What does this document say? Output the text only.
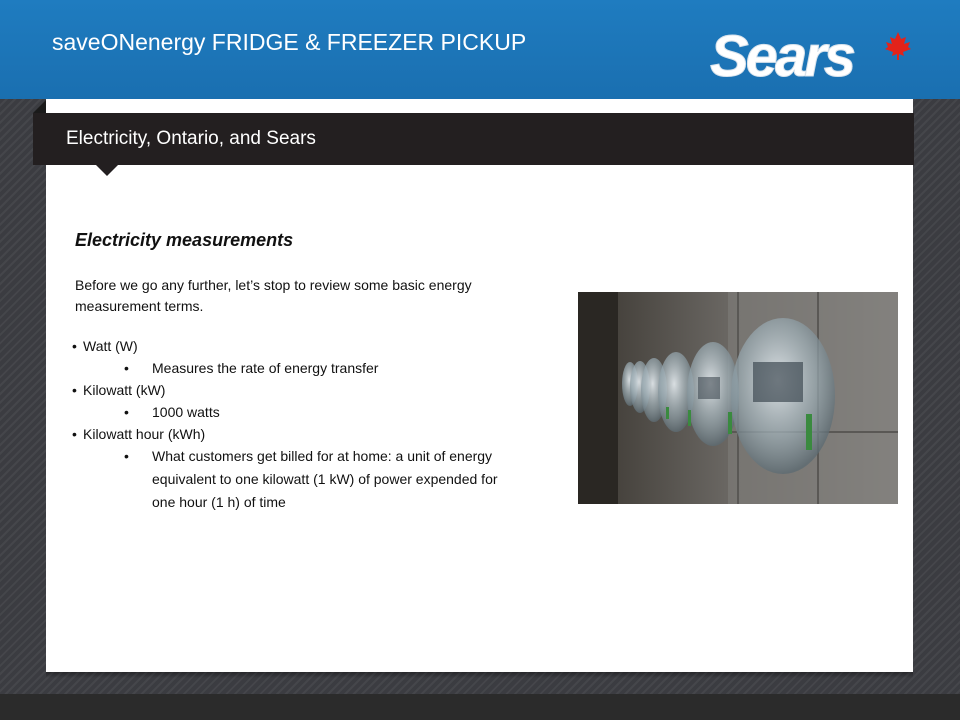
saveONenergy FRIDGE & FREEZER PICKUP	Sears
Electricity, Ontario, and Sears
Electricity measurements
Before we go any further, let’s stop to review some basic energy measurement terms.
• Watt (W)
• Measures the rate of energy transfer
• Kilowatt (kW)
• 1000 watts
• Kilowatt hour (kWh)
• What customers get billed for at home: a unit of energy equivalent to one kilowatt (1 kW) of power expended for one hour (1 h) of time
